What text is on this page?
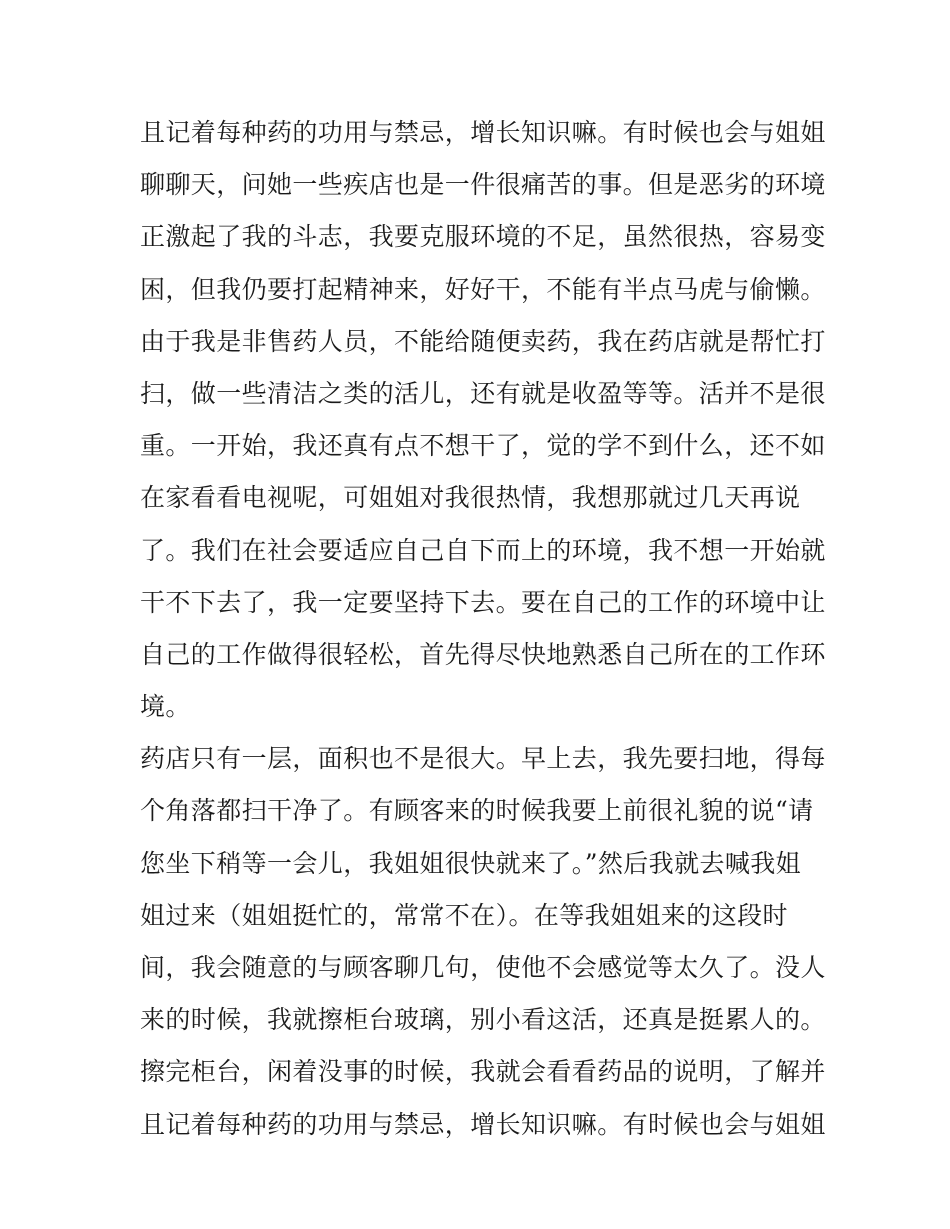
且记着每种药的功用与禁忌，增长知识嘛。有时候也会与姐姐
聊聊天，问她一些疾店也是一件很痛苦的事。但是恶劣的环境
正激起了我的斗志，我要克服环境的不足，虽然很热，容易变
困，但我仍要打起精神来，好好干，不能有半点马虎与偷懒。
由于我是非售药人员，不能给随便卖药，我在药店就是帮忙打
扫，做一些清洁之类的活儿，还有就是收盈等等。活并不是很
重。一开始，我还真有点不想干了，觉的学不到什么，还不如
在家看看电视呢，可姐姐对我很热情，我想那就过几天再说
了。我们在社会要适应自己自下而上的环境，我不想一开始就
干不下去了，我一定要坚持下去。要在自己的工作的环境中让
自己的工作做得很轻松，首先得尽快地熟悉自己所在的工作环
境。
药店只有一层，面积也不是很大。早上去，我先要扫地，得每
个角落都扫干净了。有顾客来的时候我要上前很礼貌的说“请
您坐下稍等一会儿，我姐姐很快就来了。”然后我就去喊我姐
姐过来（姐姐挺忙的，常常不在）。在等我姐姐来的这段时
间，我会随意的与顾客聊几句，使他不会感觉等太久了。没人
来的时候，我就擦柜台玻璃，别小看这活，还真是挺累人的。
擦完柜台，闲着没事的时候，我就会看看药品的说明，了解并
且记着每种药的功用与禁忌，增长知识嘛。有时候也会与姐姐
